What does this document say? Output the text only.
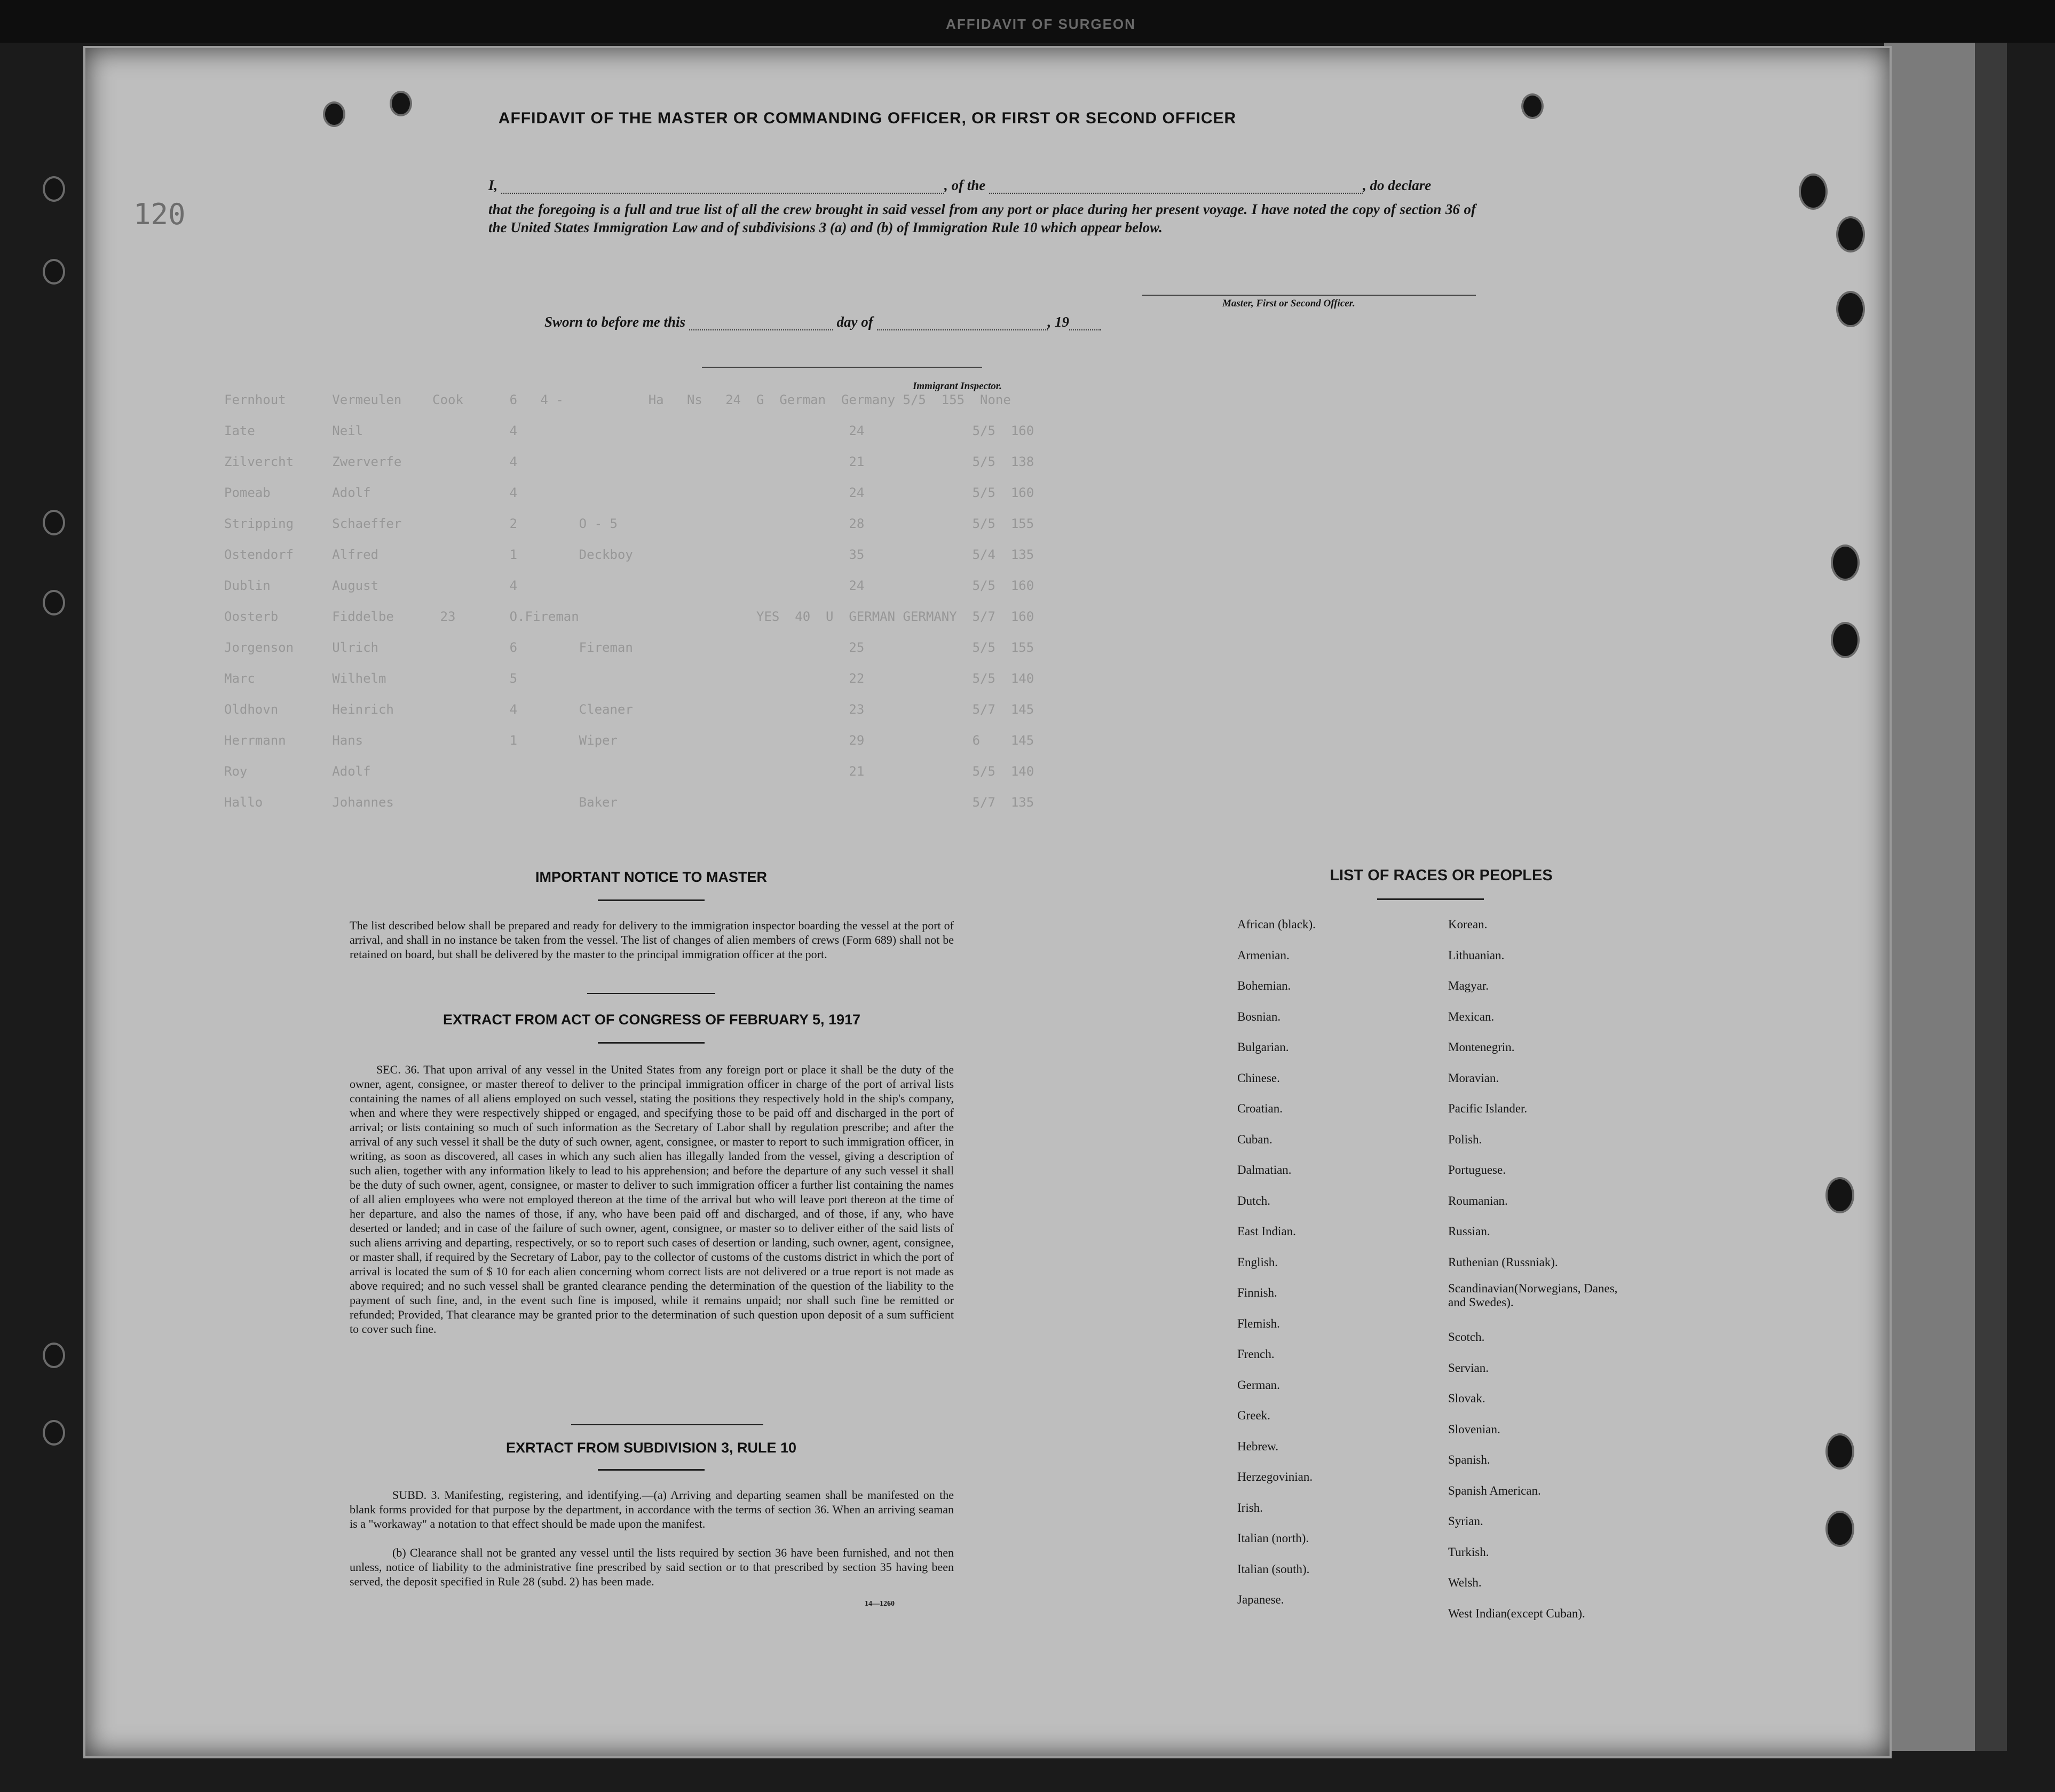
AFFIDAVIT OF SURGEON
120
Fernhout      Vermeulen    Cook      6   4 -           Ha   Ns   24  G  German  Germany 5/5  155  None
Iate          Neil                   4                                           24              5/5  160
Zilvercht     Zwerverfe              4                                           21              5/5  138
Pomeab        Adolf                  4                                           24              5/5  160
Stripping     Schaeffer              2        O - 5                              28              5/5  155
Ostendorf     Alfred                 1        Deckboy                            35              5/4  135
Dublin        August                 4                                           24              5/5  160
Oosterb       Fiddelbe      23       O.Fireman                       YES  40  U  GERMAN GERMANY  5/7  160
Jorgenson     Ulrich                 6        Fireman                            25              5/5  155
Marc          Wilhelm                5                                           22              5/5  140
Oldhovn       Heinrich               4        Cleaner                            23              5/7  145
Herrmann      Hans                   1        Wiper                              29              6    145
Roy           Adolf                                                              21              5/5  140
Hallo         Johannes                        Baker                                              5/7  135
AFFIDAVIT OF THE MASTER OR COMMANDING OFFICER, OR FIRST OR SECOND OFFICER
I,	, of the	, do declare
that the foregoing is a full and true list of all the crew brought in said vessel from any port or place during her present voyage. I have noted the copy of section 36 of the United States Immigration Law and of subdivisions 3 (a) and (b) of Immigration Rule 10 which appear below.
Master, First or Second Officer.
Sworn to before me this	day of	, 19
Immigrant Inspector.
IMPORTANT NOTICE TO MASTER
The list described below shall be prepared and ready for delivery to the immigration inspector boarding the vessel at the port of arrival, and shall in no instance be taken from the vessel. The list of changes of alien members of crews (Form 689) shall not be retained on board, but shall be delivered by the master to the principal immigration officer at the port.
EXTRACT FROM ACT OF CONGRESS OF FEBRUARY 5, 1917
SEC. 36. That upon arrival of any vessel in the United States from any foreign port or place it shall be the duty of the owner, agent, consignee, or master thereof to deliver to the principal immigration officer in charge of the port of arrival lists containing the names of all aliens employed on such vessel, stating the positions they respectively hold in the ship's company, when and where they were respectively shipped or engaged, and specifying those to be paid off and discharged in the port of arrival; or lists containing so much of such information as the Secretary of Labor shall by regulation prescribe; and after the arrival of any such vessel it shall be the duty of such owner, agent, consignee, or master to report to such immigration officer, in writing, as soon as discovered, all cases in which any such alien has illegally landed from the vessel, giving a description of such alien, together with any information likely to lead to his apprehension; and before the departure of any such vessel it shall be the duty of such owner, agent, consignee, or master to deliver to such immigration officer a further list containing the names of all alien employees who were not employed thereon at the time of the arrival but who will leave port thereon at the time of her departure, and also the names of those, if any, who have been paid off and discharged, and of those, if any, who have deserted or landed; and in case of the failure of such owner, agent, consignee, or master so to deliver either of the said lists of such aliens arriving and departing, respectively, or so to report such cases of desertion or landing, such owner, agent, consignee, or master shall, if required by the Secretary of Labor, pay to the collector of customs of the customs district in which the port of arrival is located the sum of $ 10 for each alien concerning whom correct lists are not delivered or a true report is not made as above required; and no such vessel shall be granted clearance pending the determination of the question of the liability to the payment of such fine, and, in the event such fine is imposed, while it remains unpaid; nor shall such fine be remitted or refunded; Provided, That clearance may be granted prior to the determination of such question upon deposit of a sum sufficient to cover such fine.
EXRTACT FROM SUBDIVISION 3, RULE 10
SUBD. 3. Manifesting, registering, and identifying.—(a) Arriving and departing seamen shall be manifested on the blank forms provided for that purpose by the department, in accordance with the terms of section 36. When an arriving seaman is a "workaway" a notation to that effect should be made upon the manifest.
(b) Clearance shall not be granted any vessel until the lists required by section 36 have been furnished, and not then unless, notice of liability to the administrative fine prescribed by said section or to that prescribed by section 35 having been served, the deposit specified in Rule 28 (subd. 2) has been made.
14—1260
LIST OF RACES OR PEOPLES
African (black).
Armenian.
Bohemian.
Bosnian.
Bulgarian.
Chinese.
Croatian.
Cuban.
Dalmatian.
Dutch.
East Indian.
English.
Finnish.
Flemish.
French.
German.
Greek.
Hebrew.
Herzegovinian.
Irish.
Italian (north).
Italian (south).
Japanese.
Korean.
Lithuanian.
Magyar.
Mexican.
Montenegrin.
Moravian.
Pacific Islander.
Polish.
Portuguese.
Roumanian.
Russian.
Ruthenian (Russniak).
Scandinavian(Norwegians, Danes, and Swedes).
Scotch.
Servian.
Slovak.
Slovenian.
Spanish.
Spanish American.
Syrian.
Turkish.
Welsh.
West Indian(except Cuban).
